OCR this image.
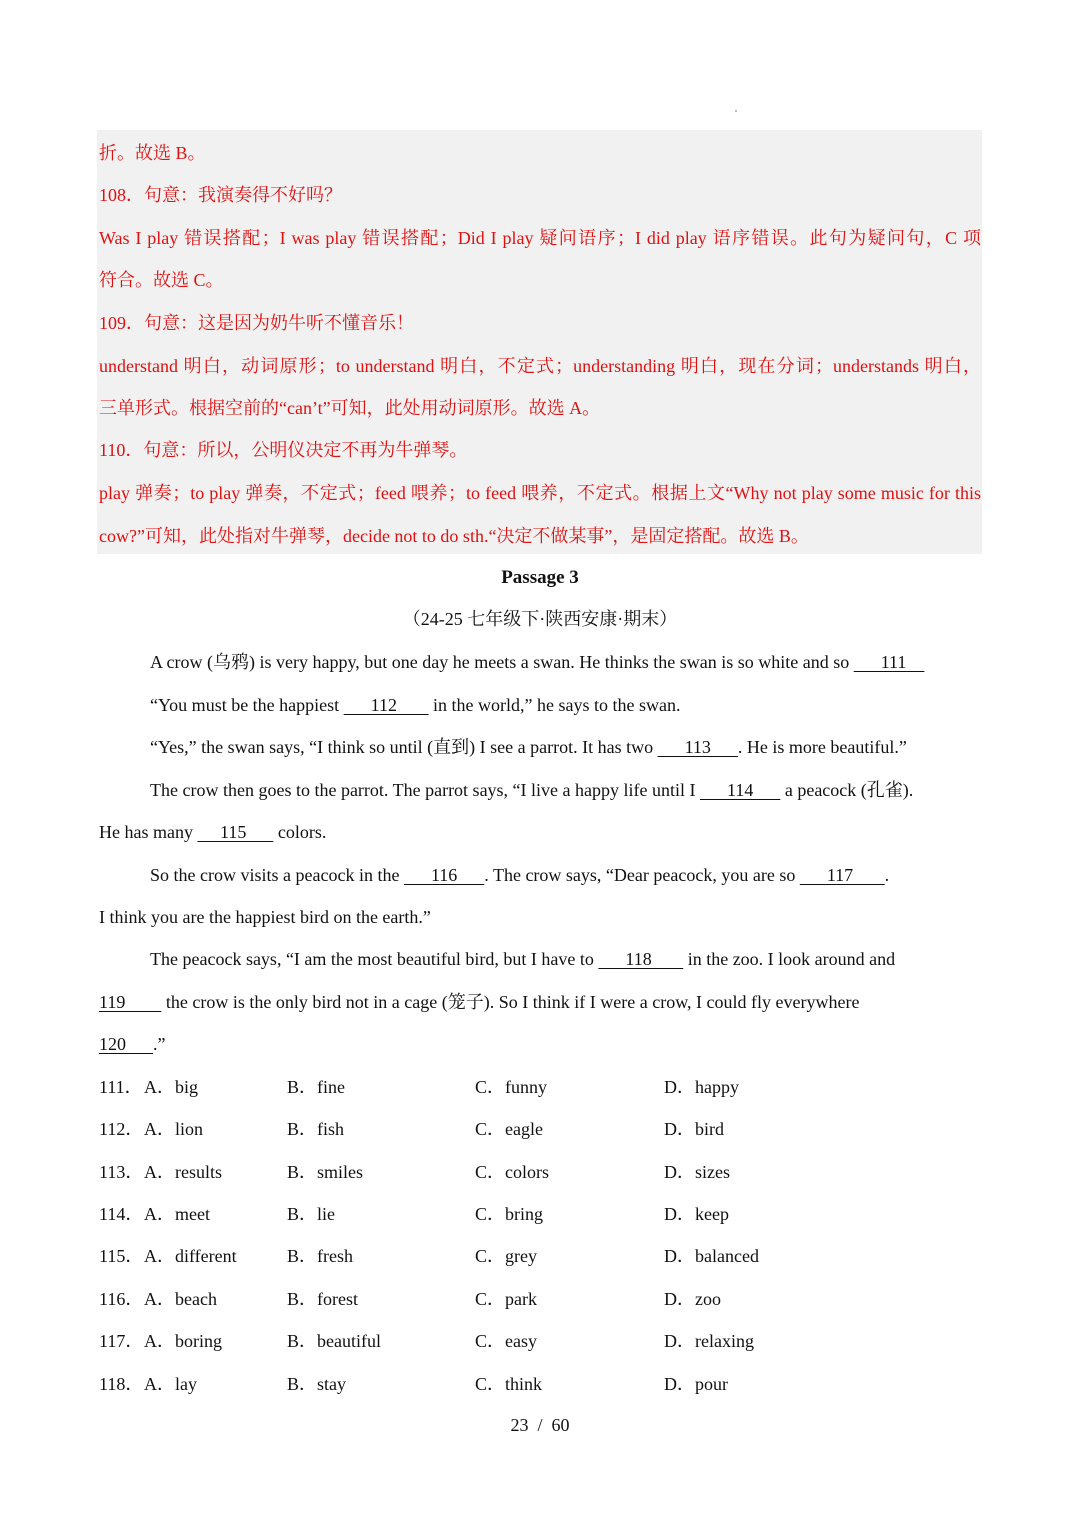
折。故选 B。
108．句意：我演奏得不好吗？
Was I play 错误搭配；I was play 错误搭配；Did I play 疑问语序；I did play 语序错误。此句为疑问句，C 项
符合。故选 C。
109．句意：这是因为奶牛听不懂音乐！
understand 明白，动词原形；to understand 明白，不定式；understanding 明白，现在分词；understands 明白，
三单形式。根据空前的“can’t”可知，此处用动词原形。故选 A。
110．句意：所以，公明仪决定不再为牛弹琴。
play 弹奏；to play 弹奏，不定式；feed 喂养；to feed 喂养，不定式。根据上文“Why not play some music for this
cow?”可知，此处指对牛弹琴，decide not to do sth.“决定不做某事”，是固定搭配。故选 B。
Passage 3
（24-25 七年级下·陕西安康·期末）
A crow (乌鸦) is very happy, but one day he meets a swan. He thinks the swan is so white and so       111
“You must be the happiest       112        in the world,” he says to the swan.
“Yes,” the swan says, “I think so until (直到) I see a parrot. It has two       113      . He is more beautiful.”
The crow then goes to the parrot. The parrot says, “I live a happy life until I       114       a peacock (孔雀).
He has many      115       colors.
So the crow visits a peacock in the       116      . The crow says, “Dear peacock, you are so       117       .
I think you are the happiest bird on the earth.”
The peacock says, “I am the most beautiful bird, but I have to       118        in the zoo. I look around and
119         the crow is the only bird not in a cage (笼子). So I think if I were a crow, I could fly everywhere
120      .”
111． A．big	B．fine	C．funny	D．happy
112． A．lion	B．fish	C．eagle	D．bird
113． A．results	B．smiles	C．colors	D．sizes
114． A．meet	B．lie	C．bring	D．keep
115． A．different	B．fresh	C．grey	D．balanced
116． A．beach	B．forest	C．park	D．zoo
117． A．boring	B．beautiful	C．easy	D．relaxing
118． A．lay	B．stay	C．think	D．pour
23  /  60
